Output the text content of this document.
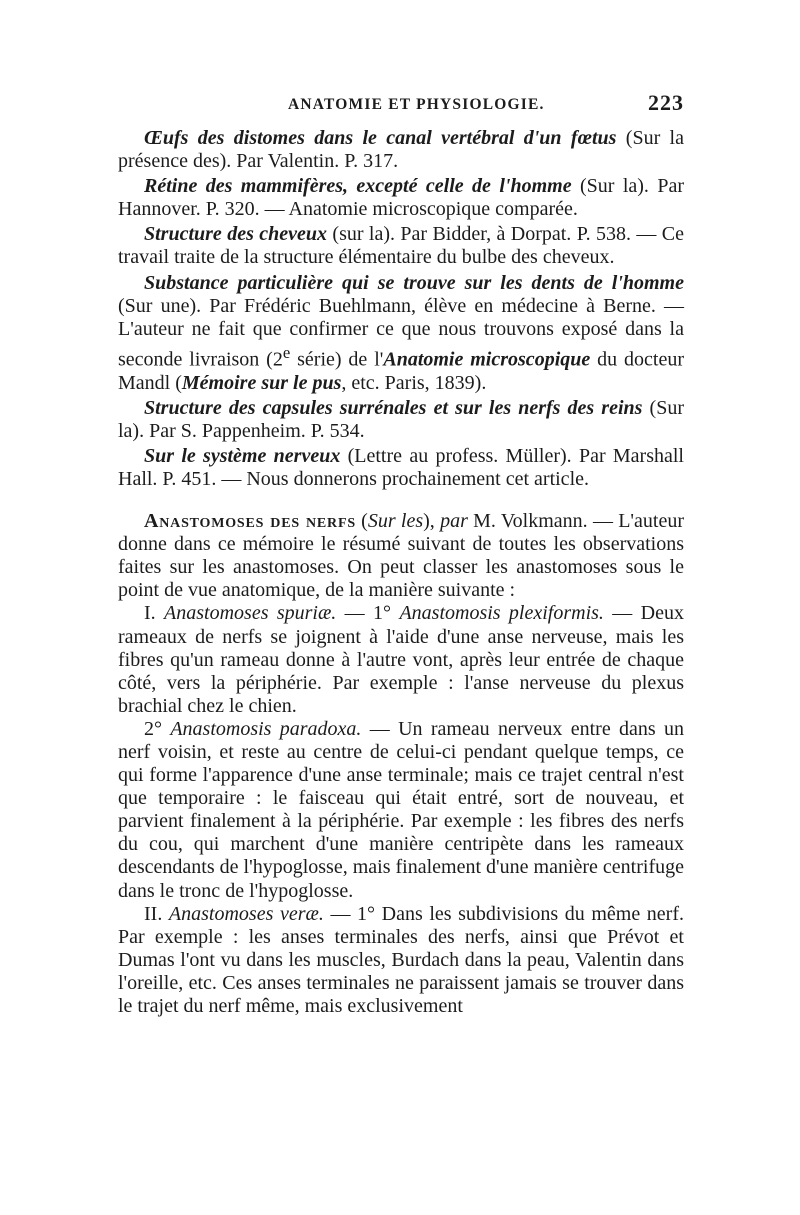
ANATOMIE ET PHYSIOLOGIE.	223

Œufs des distomes dans le canal vertébral d'un fœtus (Sur la présence des). Par Valentin. P. 317.

Rétine des mammifères, excepté celle de l'homme (Sur la). Par Hannover. P. 320. — Anatomie microscopique comparée.

Structure des cheveux (sur la). Par Bidder, à Dorpat. P. 538. — Ce travail traite de la structure élémentaire du bulbe des cheveux.

Substance particulière qui se trouve sur les dents de l'homme (Sur une). Par Frédéric Buehlmann, élève en médecine à Berne. — L'auteur ne fait que confirmer ce que nous trouvons exposé dans la seconde livraison (2e série) de l'Anatomie microscopique du docteur Mandl (Mémoire sur le pus, etc. Paris, 1839).

Structure des capsules surrénales et sur les nerfs des reins (Sur la). Par S. Pappenheim. P. 534.

Sur le système nerveux (Lettre au profess. Müller). Par Marshall Hall. P. 451. — Nous donnerons prochainement cet article.

Anastomoses des nerfs (Sur les), par M. Volkmann. — L'auteur donne dans ce mémoire le résumé suivant de toutes les observations faites sur les anastomoses. On peut classer les anastomoses sous le point de vue anatomique, de la manière suivante :

I. Anastomoses spuriæ. — 1° Anastomosis plexiformis. — Deux rameaux de nerfs se joignent à l'aide d'une anse nerveuse, mais les fibres qu'un rameau donne à l'autre vont, après leur entrée de chaque côté, vers la périphérie. Par exemple : l'anse nerveuse du plexus brachial chez le chien.

2° Anastomosis paradoxa. — Un rameau nerveux entre dans un nerf voisin, et reste au centre de celui-ci pendant quelque temps, ce qui forme l'apparence d'une anse terminale; mais ce trajet central n'est que temporaire : le faisceau qui était entré, sort de nouveau, et parvient finalement à la périphérie. Par exemple : les fibres des nerfs du cou, qui marchent d'une manière centripète dans les rameaux descendants de l'hypoglosse, mais finalement d'une manière centrifuge dans le tronc de l'hypoglosse.

II. Anastomoses veræ. — 1° Dans les subdivisions du même nerf. Par exemple : les anses terminales des nerfs, ainsi que Prévot et Dumas l'ont vu dans les muscles, Burdach dans la peau, Valentin dans l'oreille, etc. Ces anses terminales ne paraissent jamais se trouver dans le trajet du nerf même, mais exclusivement
